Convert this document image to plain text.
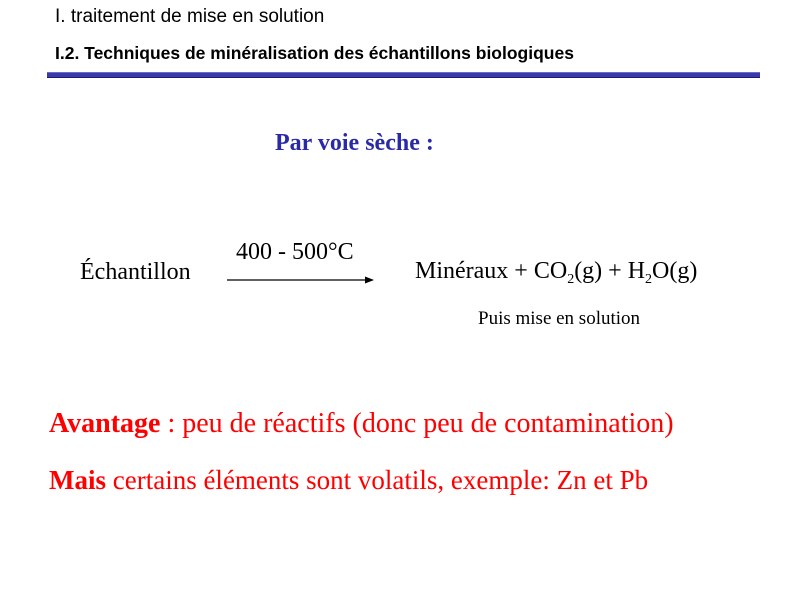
I. traitement de mise en solution
I.2. Techniques de minéralisation des échantillons biologiques
Par voie sèche :
Échantillon
400 - 500°C
Minéraux + $CO_2(g) + H_2O(g)$
Puis mise en solution
Avantage : peu de réactifs (donc peu de contamination)
Mais certains éléments sont volatils, exemple: Zn et Pb
